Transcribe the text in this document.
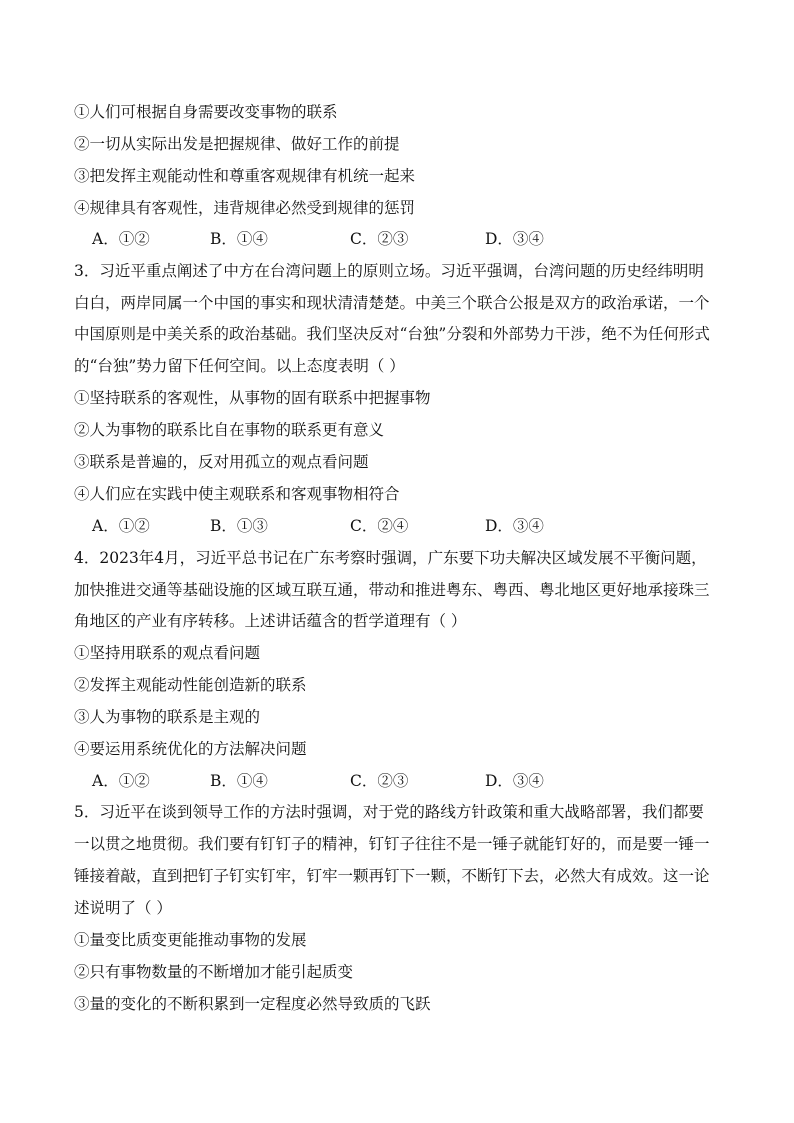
①人们可根据自身需要改变事物的联系
②一切从实际出发是把握规律、做好工作的前提
③把发挥主观能动性和尊重客观规律有机统一起来
④规律具有客观性，违背规律必然受到规律的惩罚
A．①②	B．①④	C．②③	D．③④
3．习近平重点阐述了中方在台湾问题上的原则立场。习近平强调，台湾问题的历史经纬明明
白白，两岸同属一个中国的事实和现状清清楚楚。中美三个联合公报是双方的政治承诺，一个
中国原则是中美关系的政治基础。我们坚决反对“台独”分裂和外部势力干涉，绝不为任何形式
的“台独”势力留下任何空间。以上态度表明（ ）
①坚持联系的客观性，从事物的固有联系中把握事物
②人为事物的联系比自在事物的联系更有意义
③联系是普遍的，反对用孤立的观点看问题
④人们应在实践中使主观联系和客观事物相符合
A．①②	B．①③	C．②④	D．③④
4．2023年4月，习近平总书记在广东考察时强调，广东要下功夫解决区域发展不平衡问题，
加快推进交通等基础设施的区域互联互通，带动和推进粤东、粤西、粤北地区更好地承接珠三
角地区的产业有序转移。上述讲话蕴含的哲学道理有（ ）
①坚持用联系的观点看问题
②发挥主观能动性能创造新的联系
③人为事物的联系是主观的
④要运用系统优化的方法解决问题
A．①②	B．①④	C．②③	D．③④
5．习近平在谈到领导工作的方法时强调，对于党的路线方针政策和重大战略部署，我们都要
一以贯之地贯彻。我们要有钉钉子的精神，钉钉子往往不是一锤子就能钉好的，而是要一锤一
锤接着敲，直到把钉子钉实钉牢，钉牢一颗再钉下一颗，不断钉下去，必然大有成效。这一论
述说明了（ ）
①量变比质变更能推动事物的发展
②只有事物数量的不断增加才能引起质变
③量的变化的不断积累到一定程度必然导致质的飞跃
